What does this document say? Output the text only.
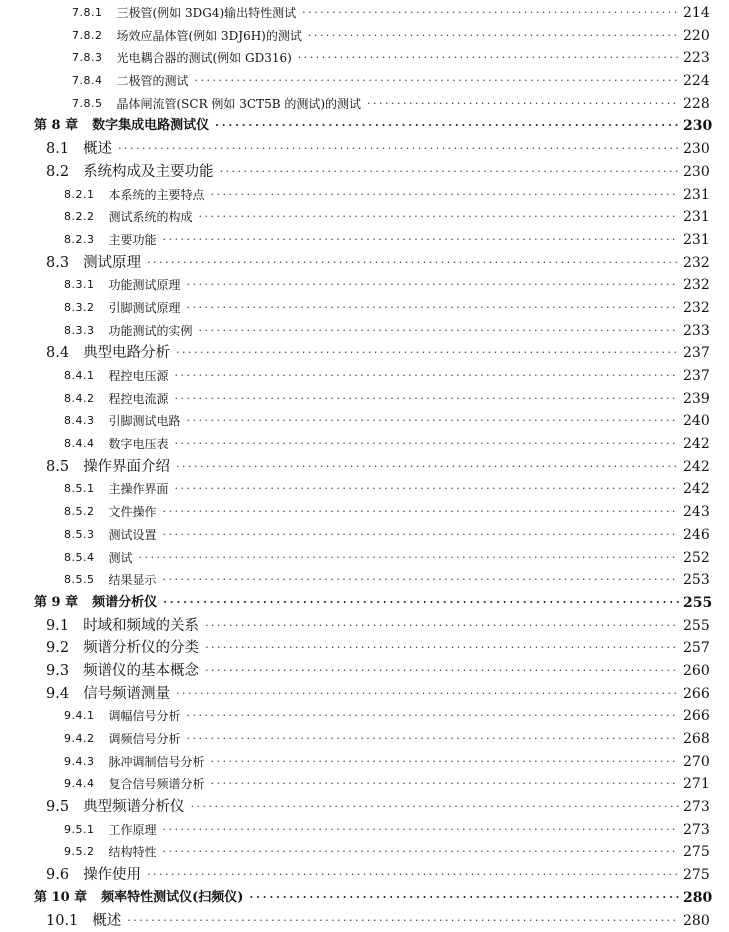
7.8.1 三极管(例如 3DG4)输出特性测试 · · ·	214
7.8.2 场效应晶体管(例如 3DJ6H)的测试 · · ·	220
7.8.3 光电耦合器的测试(例如 GD316) · · ·	223
7.8.4 二极管的测试 · · ·	224
7.8.5 晶体闸流管(SCR 例如 3CT5B 的测试)的测试 · · ·	228
第 8 章 数字集成电路测试仪 · · ·	230
8.1 概述 · · ·	230
8.2 系统构成及主要功能 · · ·	230
8.2.1 本系统的主要特点 · · ·	231
8.2.2 测试系统的构成 · · ·	231
8.2.3 主要功能 · · ·	231
8.3 测试原理 · · ·	232
8.3.1 功能测试原理 · · ·	232
8.3.2 引脚测试原理 · · ·	232
8.3.3 功能测试的实例 · · ·	233
8.4 典型电路分析 · · ·	237
8.4.1 程控电压源 · · ·	237
8.4.2 程控电流源 · · ·	239
8.4.3 引脚测试电路 · · ·	240
8.4.4 数字电压表 · · ·	242
8.5 操作界面介绍 · · ·	242
8.5.1 主操作界面 · · ·	242
8.5.2 文件操作 · · ·	243
8.5.3 测试设置 · · ·	246
8.5.4 测试 · · ·	252
8.5.5 结果显示 · · ·	253
第 9 章 频谱分析仪 · · ·	255
9.1 时域和频域的关系 · · ·	255
9.2 频谱分析仪的分类 · · ·	257
9.3 频谱仪的基本概念 · · ·	260
9.4 信号频谱测量 · · ·	266
9.4.1 调幅信号分析 · · ·	266
9.4.2 调频信号分析 · · ·	268
9.4.3 脉冲调制信号分析 · · ·	270
9.4.4 复合信号频谱分析 · · ·	271
9.5 典型频谱分析仪 · · ·	273
9.5.1 工作原理 · · ·	273
9.5.2 结构特性 · · ·	275
9.6 操作使用 · · ·	275
第 10 章 频率特性测试仪(扫频仪) · · ·	280
10.1 概述 · · ·	280
